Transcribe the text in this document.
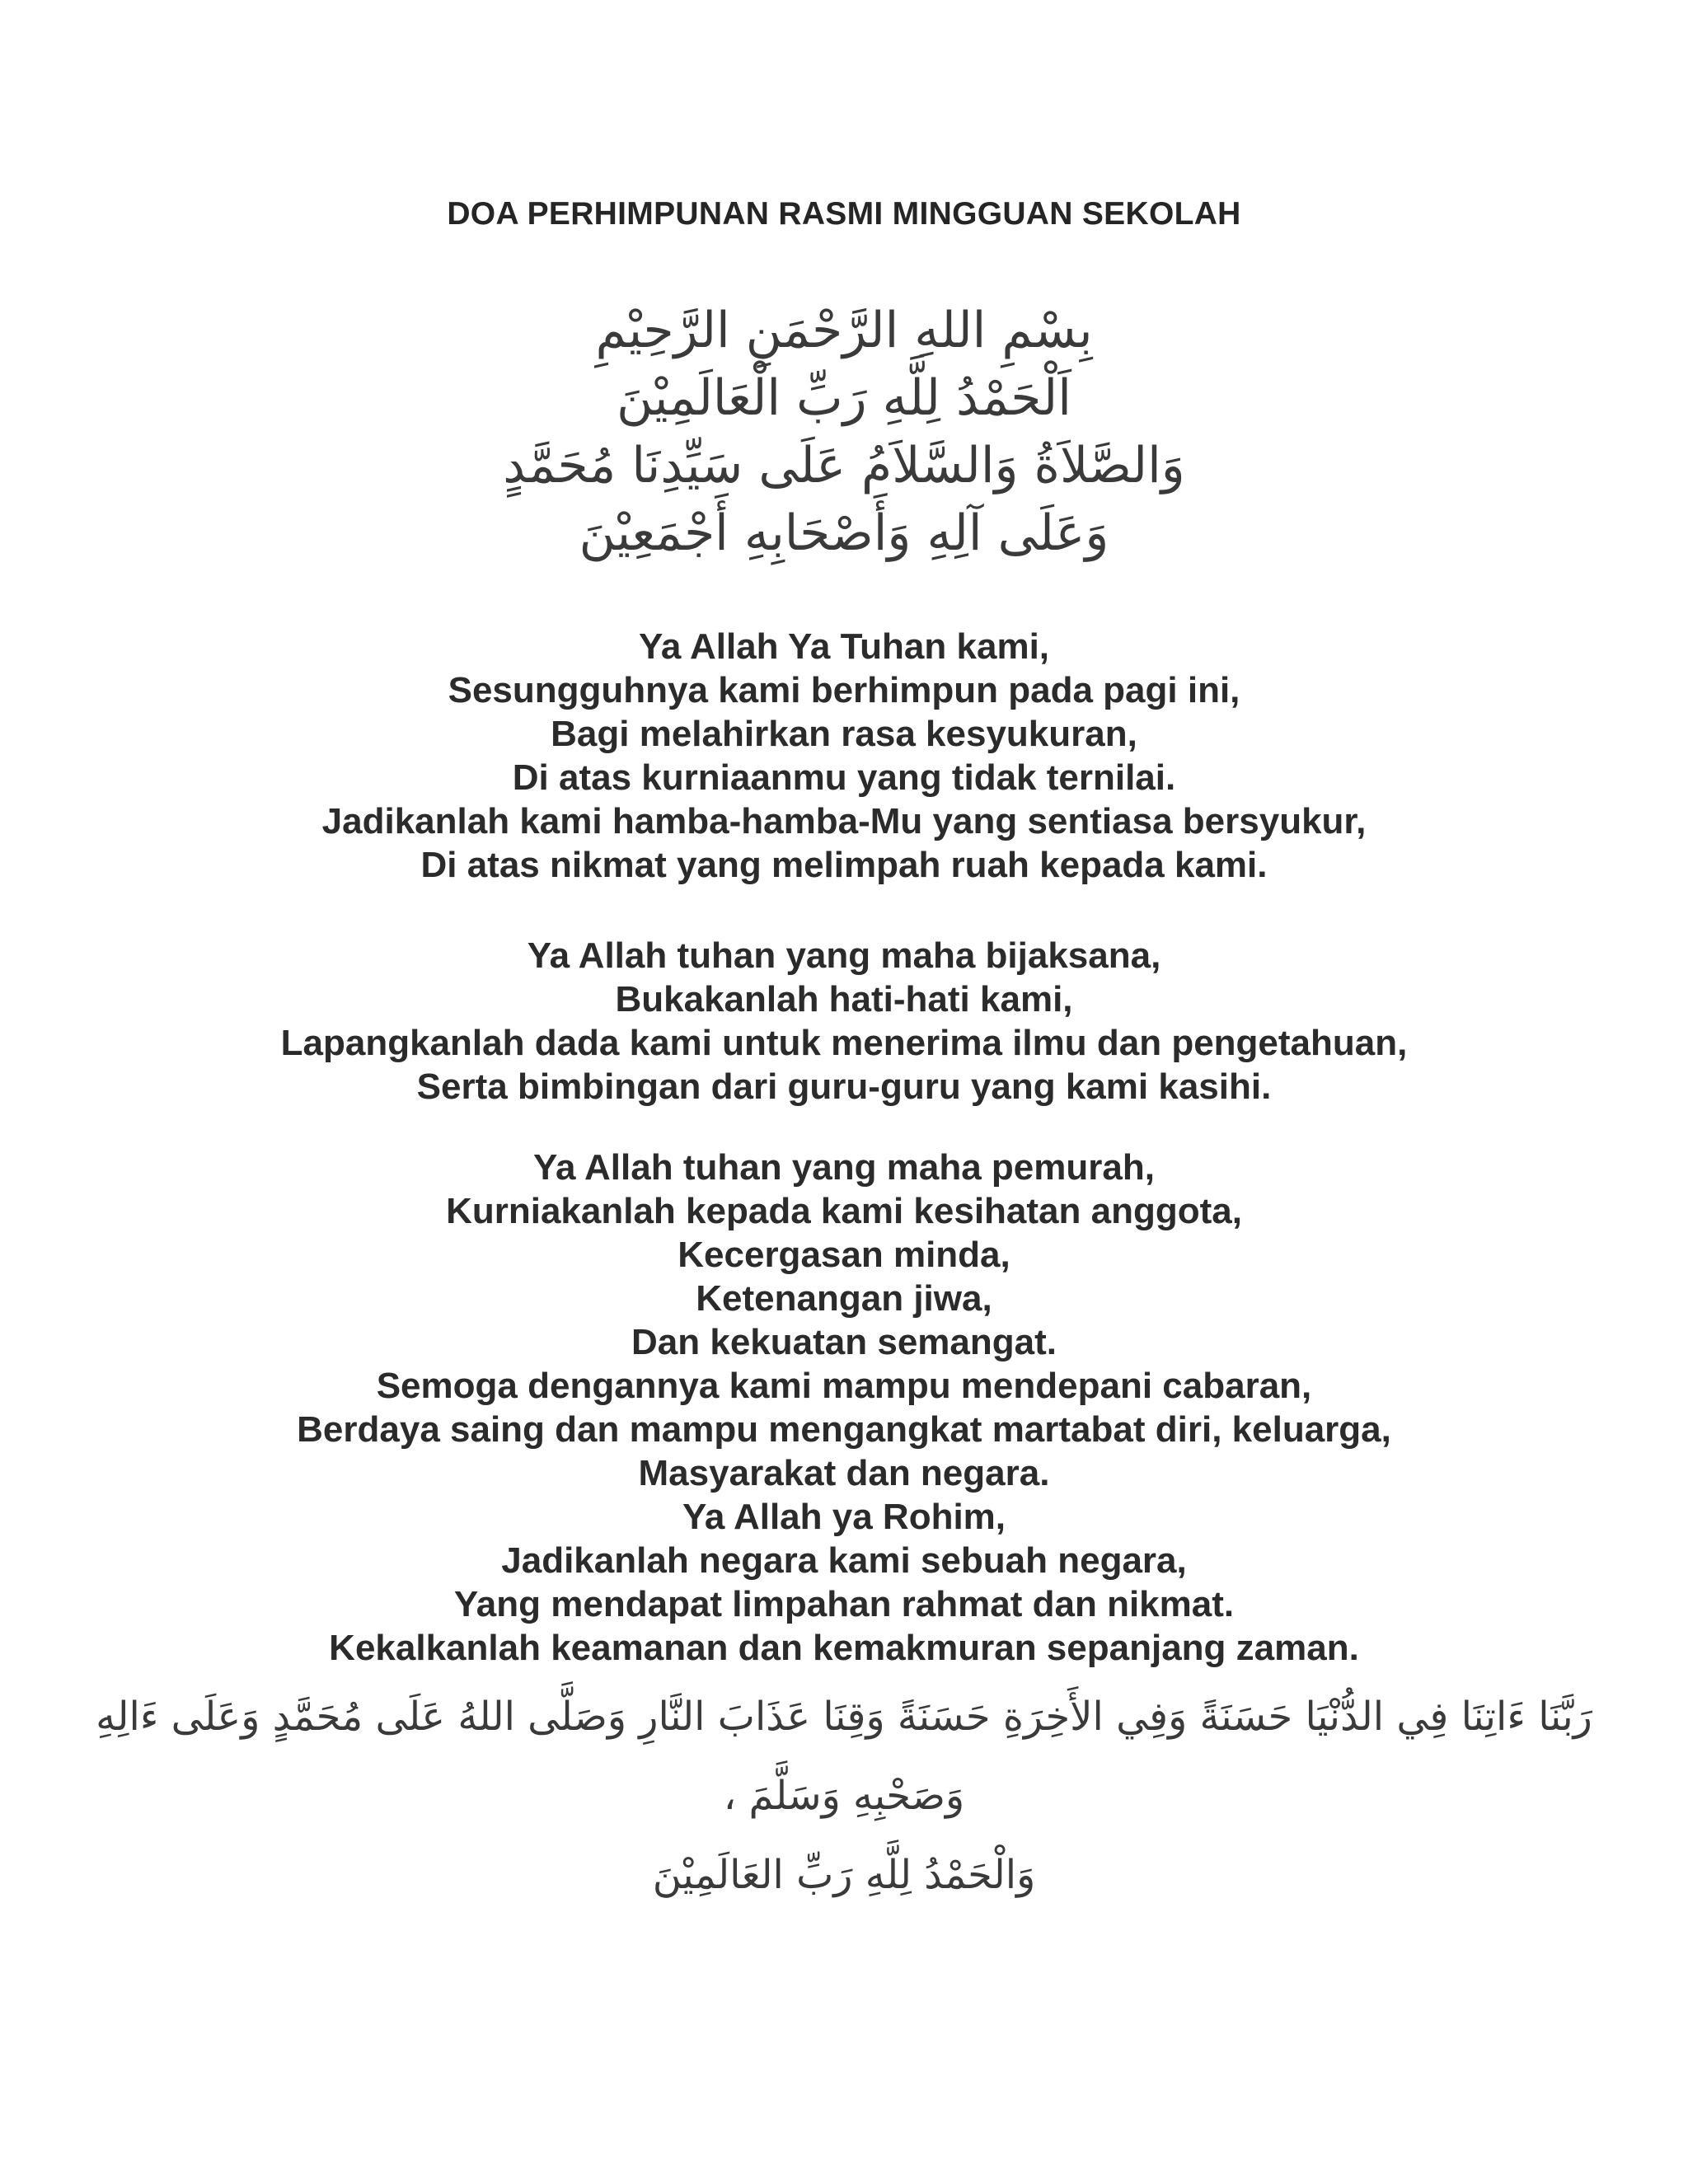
DOA PERHIMPUNAN RASMI MINGGUAN SEKOLAH
بِسْمِ اللهِ الرَّحْمَنِ الرَّحِيْمِ
اَلْحَمْدُ لِلَّهِ رَبِّ الْعَالَمِيْنَ
وَالصَّلاَةُ وَالسَّلاَمُ عَلَى سَيِّدِنَا مُحَمَّدٍ
وَعَلَى آلِهِ وَأَصْحَابِهِ أَجْمَعِيْنَ
Ya Allah Ya Tuhan kami,
Sesungguhnya kami berhimpun pada pagi ini,
Bagi melahirkan rasa kesyukuran,
Di atas kurniaanmu yang tidak ternilai.
Jadikanlah kami hamba-hamba-Mu yang sentiasa bersyukur,
Di atas nikmat yang melimpah ruah kepada kami.
Ya Allah tuhan yang maha bijaksana,
Bukakanlah hati-hati kami,
Lapangkanlah dada kami untuk menerima ilmu dan pengetahuan,
Serta bimbingan dari guru-guru yang kami kasihi.
Ya Allah tuhan yang maha pemurah,
Kurniakanlah kepada kami kesihatan anggota,
Kecergasan minda,
Ketenangan jiwa,
Dan kekuatan semangat.
Semoga dengannya kami mampu mendepani cabaran,
Berdaya saing dan mampu mengangkat martabat diri, keluarga,
Masyarakat dan negara.
Ya Allah ya Rohim,
Jadikanlah negara kami sebuah negara,
Yang mendapat limpahan rahmat dan nikmat.
Kekalkanlah keamanan dan kemakmuran sepanjang zaman.
رَبَّنَا ءَاتِنَا فِي الدُّنْيَا حَسَنَةً وَفِي الأَخِرَةِ حَسَنَةً وَقِنَا عَذَابَ النَّارِ وَصَلَّى اللهُ عَلَى مُحَمَّدٍ وَعَلَى ءَالِهِ
وَصَحْبِهِ وَسَلَّمَ ،
وَالْحَمْدُ لِلَّهِ رَبِّ العَالَمِيْنَ
